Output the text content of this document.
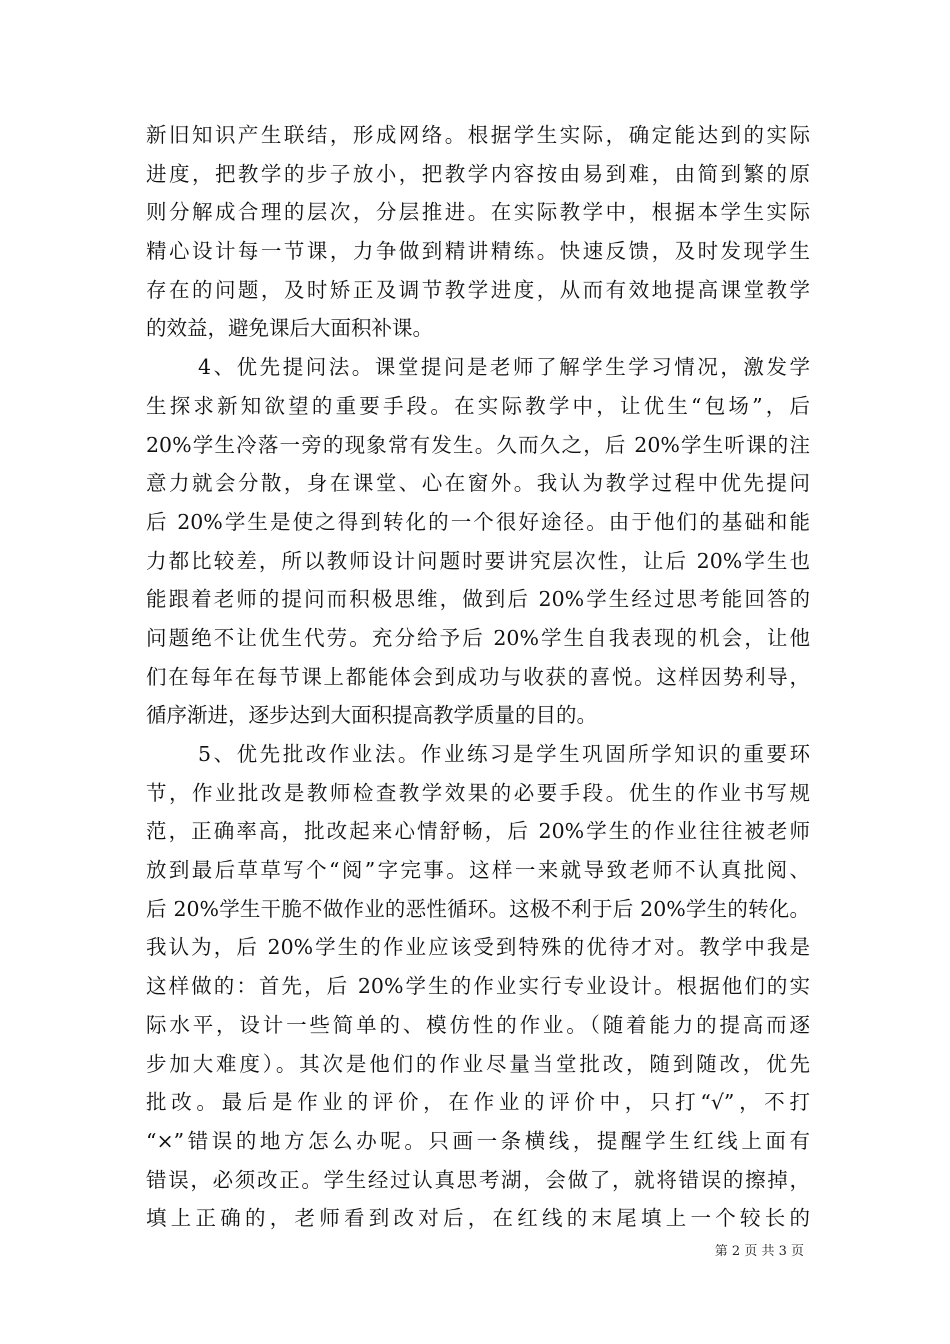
新旧知识产生联结，形成网络。根据学生实际，确定能达到的实际
进度，把教学的步子放小，把教学内容按由易到难，由简到繁的原
则分解成合理的层次，分层推进。在实际教学中，根据本学生实际
精心设计每一节课，力争做到精讲精练。快速反馈，及时发现学生
存在的问题，及时矫正及调节教学进度，从而有效地提高课堂教学
的效益，避免课后大面积补课。
4、优先提问法。课堂提问是老师了解学生学习情况，激发学
生探求新知欲望的重要手段。在实际教学中，让优生“包场”，后
20%学生冷落一旁的现象常有发生。久而久之，后 20%学生听课的注
意力就会分散，身在课堂、心在窗外。我认为教学过程中优先提问
后 20%学生是使之得到转化的一个很好途径。由于他们的基础和能
力都比较差，所以教师设计问题时要讲究层次性，让后 20%学生也
能跟着老师的提问而积极思维，做到后 20%学生经过思考能回答的
问题绝不让优生代劳。充分给予后 20%学生自我表现的机会，让他
们在每年在每节课上都能体会到成功与收获的喜悦。这样因势利导，
循序渐进，逐步达到大面积提高教学质量的目的。
5、优先批改作业法。作业练习是学生巩固所学知识的重要环
节，作业批改是教师检查教学效果的必要手段。优生的作业书写规
范，正确率高，批改起来心情舒畅，后 20%学生的作业往往被老师
放到最后草草写个“阅”字完事。这样一来就导致老师不认真批阅、
后 20%学生干脆不做作业的恶性循环。这极不利于后 20%学生的转化。
我认为，后 20%学生的作业应该受到特殊的优待才对。教学中我是
这样做的：首先，后 20%学生的作业实行专业设计。根据他们的实
际水平，设计一些简单的、模仿性的作业。（随着能力的提高而逐
步加大难度）。其次是他们的作业尽量当堂批改，随到随改，优先
批改。最后是作业的评价，在作业的评价中，只打“√”，不打
“×”错误的地方怎么办呢。只画一条横线，提醒学生红线上面有
错误，必须改正。学生经过认真思考湖，会做了，就将错误的擦掉，
填上正确的，老师看到改对后，在红线的末尾填上一个较长的
第 2 页 共 3 页
